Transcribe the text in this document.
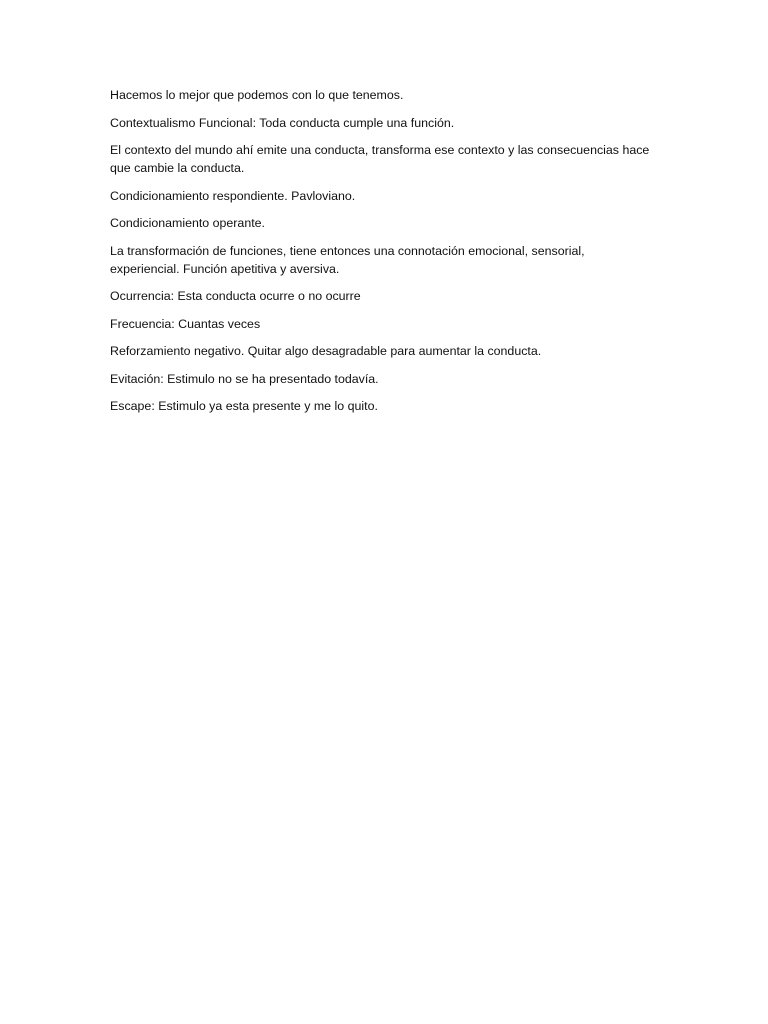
Hacemos lo mejor que podemos con lo que tenemos.

Contextualismo Funcional: Toda conducta cumple una función.

El contexto del mundo ahí emite una conducta, transforma ese contexto y las consecuencias hace que cambie la conducta.

Condicionamiento respondiente. Pavloviano.

Condicionamiento operante.

La transformación de funciones, tiene entonces una connotación emocional, sensorial, experiencial. Función apetitiva y aversiva.

Ocurrencia: Esta conducta ocurre o no ocurre

Frecuencia: Cuantas veces

Reforzamiento negativo. Quitar algo desagradable para aumentar la conducta.

Evitación: Estimulo no se ha presentado todavía.

Escape: Estimulo ya esta presente y me lo quito.
